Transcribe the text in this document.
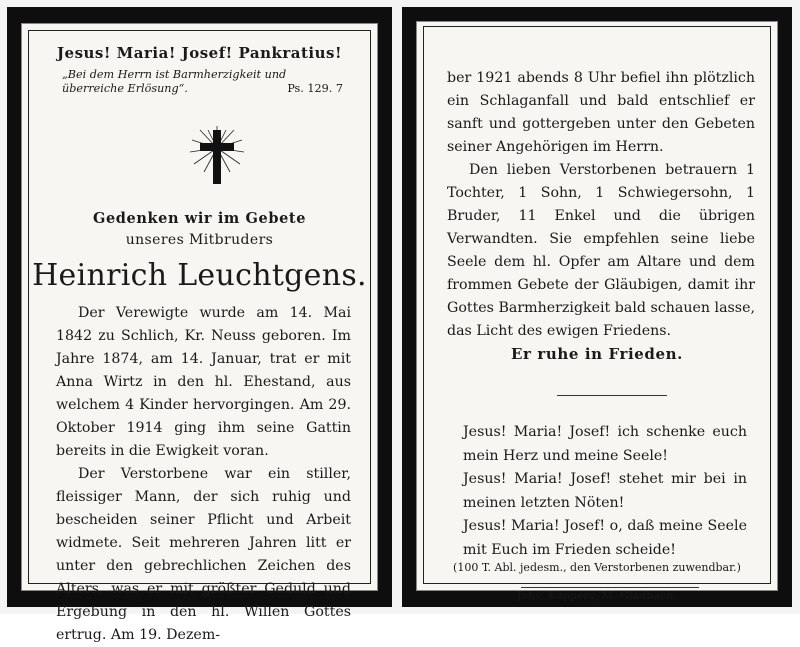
Jesus! Maria! Josef! Pankratius!
„Bei dem Herrn ist Barmherzigkeit und überreiche Erlösung“.	Ps. 129. 7
Gedenken wir im Gebete
unseres Mitbruders
Heinrich Leuchtgens.

Der Verewigte wurde am 14. Mai 1842 zu Schlich, Kr. Neuss geboren. Im Jahre 1874, am 14. Januar, trat er mit Anna Wirtz in den hl. Ehestand, aus welchem 4 Kinder hervorgingen. Am 29. Oktober 1914 ging ihm seine Gattin bereits in die Ewigkeit voran.

Der Verstorbene war ein stiller, fleissiger Mann, der sich ruhig und bescheiden seiner Pflicht und Arbeit widmete. Seit mehreren Jahren litt er unter den gebrechlichen Zeichen des Alters, was er mit größter Geduld und Ergebung in den hl. Willen Gottes ertrug. Am 19. Dezem-

ber 1921 abends 8 Uhr befiel ihn plötzlich ein Schlaganfall und bald entschlief er sanft und gottergeben unter den Gebeten seiner Angehörigen im Herrn.

Den lieben Verstorbenen betrauern 1 Tochter, 1 Sohn, 1 Schwiegersohn, 1 Bruder, 11 Enkel und die übrigen Verwandten. Sie empfehlen seine liebe Seele dem hl. Opfer am Altare und dem frommen Gebete der Gläubigen, damit ihr Gottes Barmherzigkeit bald schauen lasse, das Licht des ewigen Friedens.

Er ruhe in Frieden.

Jesus! Maria! Josef! ich schenke euch mein Herz und meine Seele!

Jesus! Maria! Josef! stehet mir bei in meinen letzten Nöten!

Jesus! Maria! Josef! o, daß meine Seele mit Euch im Frieden scheide!

(100 T. Abl. jedesm., den Verstorbenen zuwendbar.)
Johs. Küppers, M.-Gladbach.
